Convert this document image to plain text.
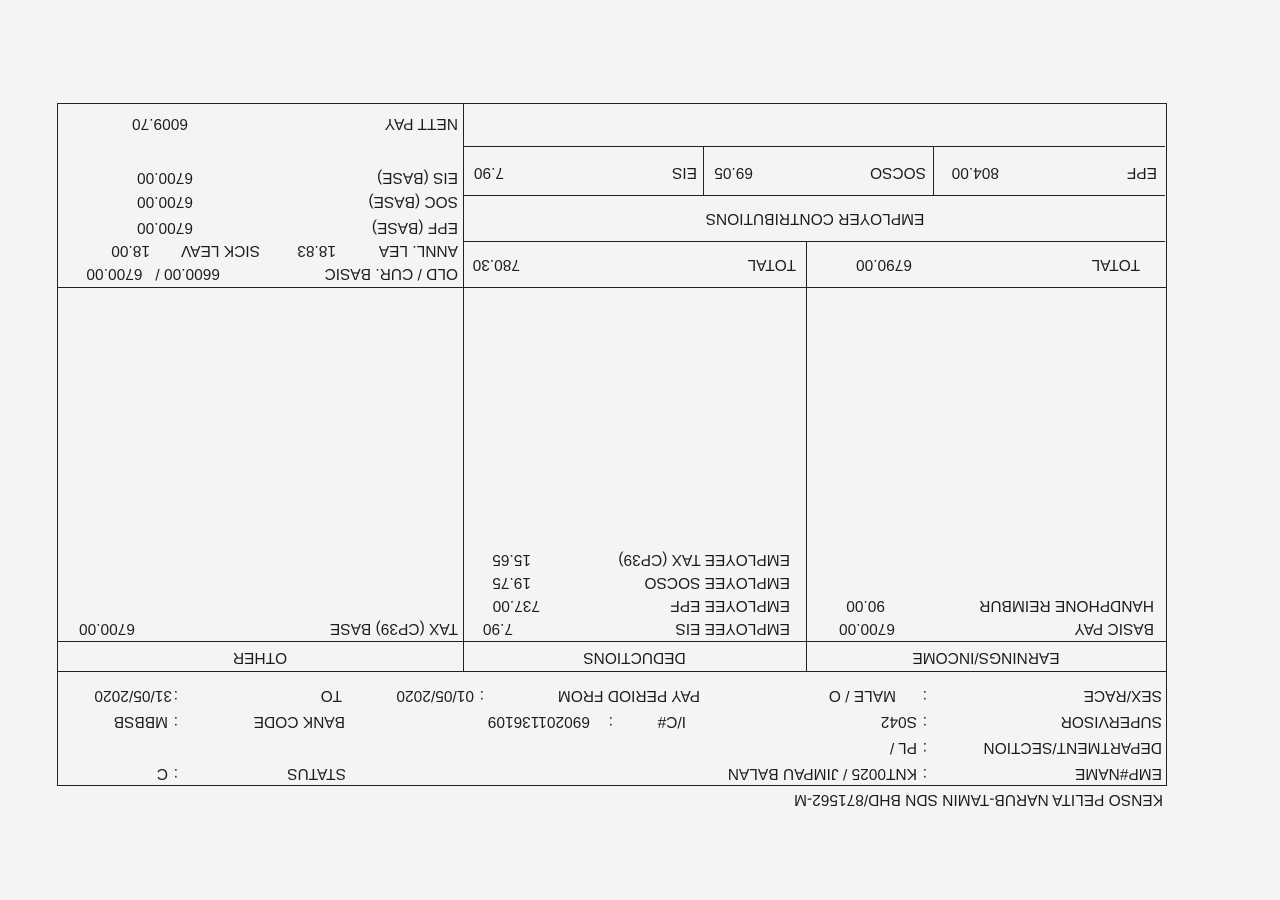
KENSO PELITA NARUB-TAMIN SDN BHD/871562-M
EMP#NAME
:
KNT0025 / JIMPAU BALAN
STATUS
:
C
DEPARTMENT/SECTION
:
PL /
SUPERVISOR
:
S042
I/C#
:
690201136109
BANK CODE
:
MBBSB
SEX/RACE
:
MALE / O
PAY PERIOD FROM
:
01/05/2020
TO
:
31/05/2020
EARNINGS/INCOME
DEDUCTIONS
OTHER
BASIC PAY
6700.00
HANDPHONE REIMBUR
90.00
EMPLOYEE EIS
7.90
EMPLOYEE EPF
737.00
EMPLOYEE SOCSO
19.75
EMPLOYEE TAX (CP39)
15.65
TAX (CP39) BASE
6700.00
TOTAL
6790.00
TOTAL
780.30
OLD / CUR. BASIC
6600.00 /   6700.00
ANNL. LEA
18.83
SICK LEAV
18.00
EPF (BASE)
6700.00
SOC (BASE)
6700.00
EIS (BASE)
6700.00
EMPLOYER CONTRIBUTIONS
EPF
804.00
SOCSO
69.05
EIS
7.90
NETT PAY
6009.70
